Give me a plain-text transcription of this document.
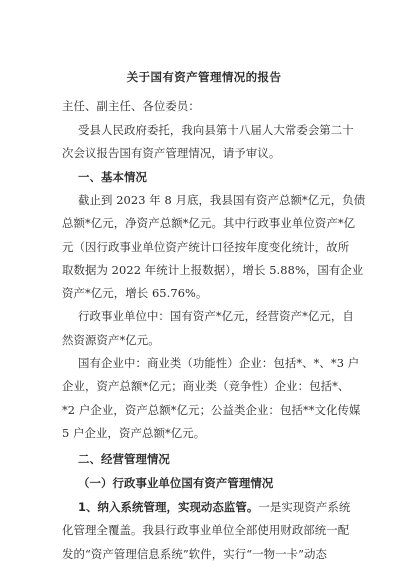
关于国有资产管理情况的报告
主任、副主任、各位委员：
受县人民政府委托，我向县第十八届人大常委会第二十
次会议报告国有资产管理情况，请予审议。
一、基本情况
截止到 2023 年 8 月底，我县国有资产总额*亿元，负债
总额*亿元，净资产总额*亿元。其中行政事业单位资产*亿
元（因行政事业单位资产统计口径按年度变化统计，故所
取数据为 2022 年统计上报数据），增长 5.88%，国有企业
资产*亿元，增长 65.76%。
行政事业单位中：国有资产*亿元，经营资产*亿元，自
然资源资产*亿元。
国有企业中：商业类（功能性）企业：包括*、*、*3 户
企业，资产总额*亿元；商业类（竞争性）企业：包括*、
*2 户企业，资产总额*亿元；公益类企业：包括**文化传媒
5 户企业，资产总额*亿元。
二、经营管理情况
（一）行政事业单位国有资产管理情况
1、纳入系统管理，实现动态监管。一是实现资产系统
化管理全覆盖。我县行政事业单位全部使用财政部统一配
发的“资产管理信息系统”软件，实行“一物一卡”动态
